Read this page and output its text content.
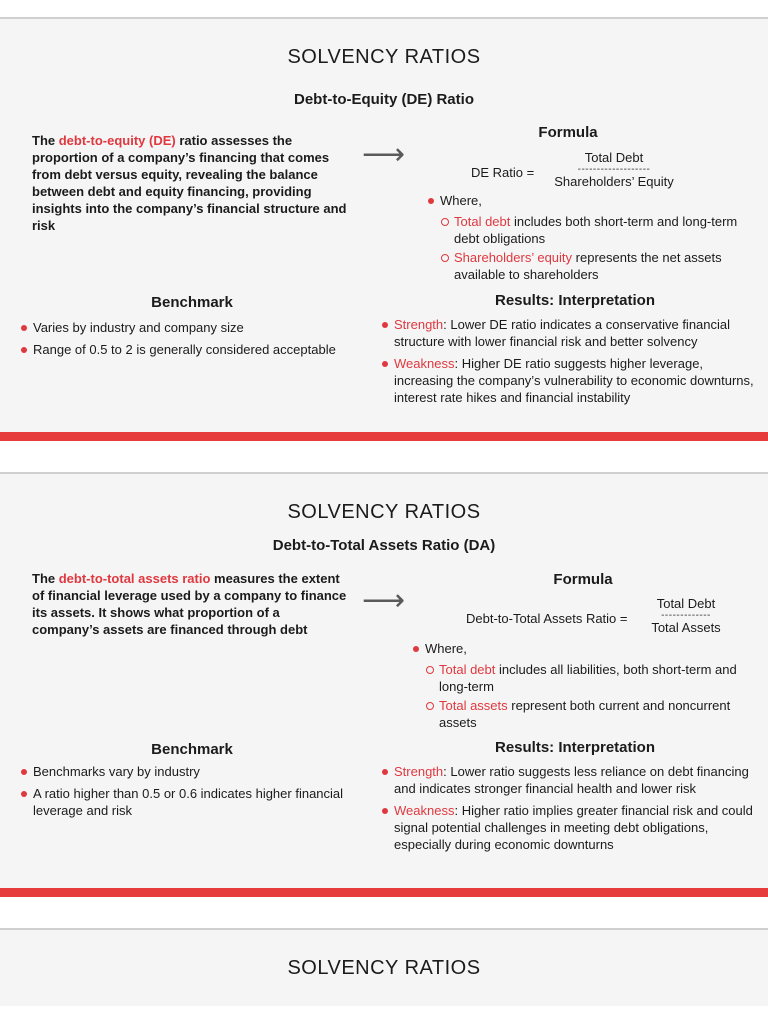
SOLVENCY RATIOS
Debt-to-Equity (DE) Ratio
The debt-to-equity (DE) ratio assesses the proportion of a company’s financing that comes from debt versus equity, revealing the balance between debt and equity financing, providing insights into the company’s financial structure and risk
⟶
Formula
DE Ratio =
Total Debt
-------------------
Shareholders’ Equity
Where,
Total debt includes both short-term and long-term debt obligations
Shareholders’ equity represents the net assets available to shareholders
Benchmark
Varies by industry and company size
Range of 0.5 to 2 is generally considered acceptable
Results: Interpretation
Strength: Lower DE ratio indicates a conservative financial structure with lower financial risk and better solvency
Weakness: Higher DE ratio suggests higher leverage, increasing the company’s vulnerability to economic downturns, interest rate hikes and financial instability
SOLVENCY RATIOS
Debt-to-Total Assets Ratio (DA)
The debt-to-total assets ratio measures the extent of financial leverage used by a company to finance its assets. It shows what proportion of a company’s assets are financed through debt
⟶
Formula
Debt-to-Total Assets Ratio =
Total Debt
-------------
Total Assets
Where,
Total debt includes all liabilities, both short-term and long-term
Total assets represent both current and noncurrent assets
Benchmark
Benchmarks vary by industry
A ratio higher than 0.5 or 0.6 indicates higher financial leverage and risk
Results: Interpretation
Strength: Lower ratio suggests less reliance on debt financing and indicates stronger financial health and lower risk
Weakness: Higher ratio implies greater financial risk and could signal potential challenges in meeting debt obligations, especially during economic downturns
SOLVENCY RATIOS
